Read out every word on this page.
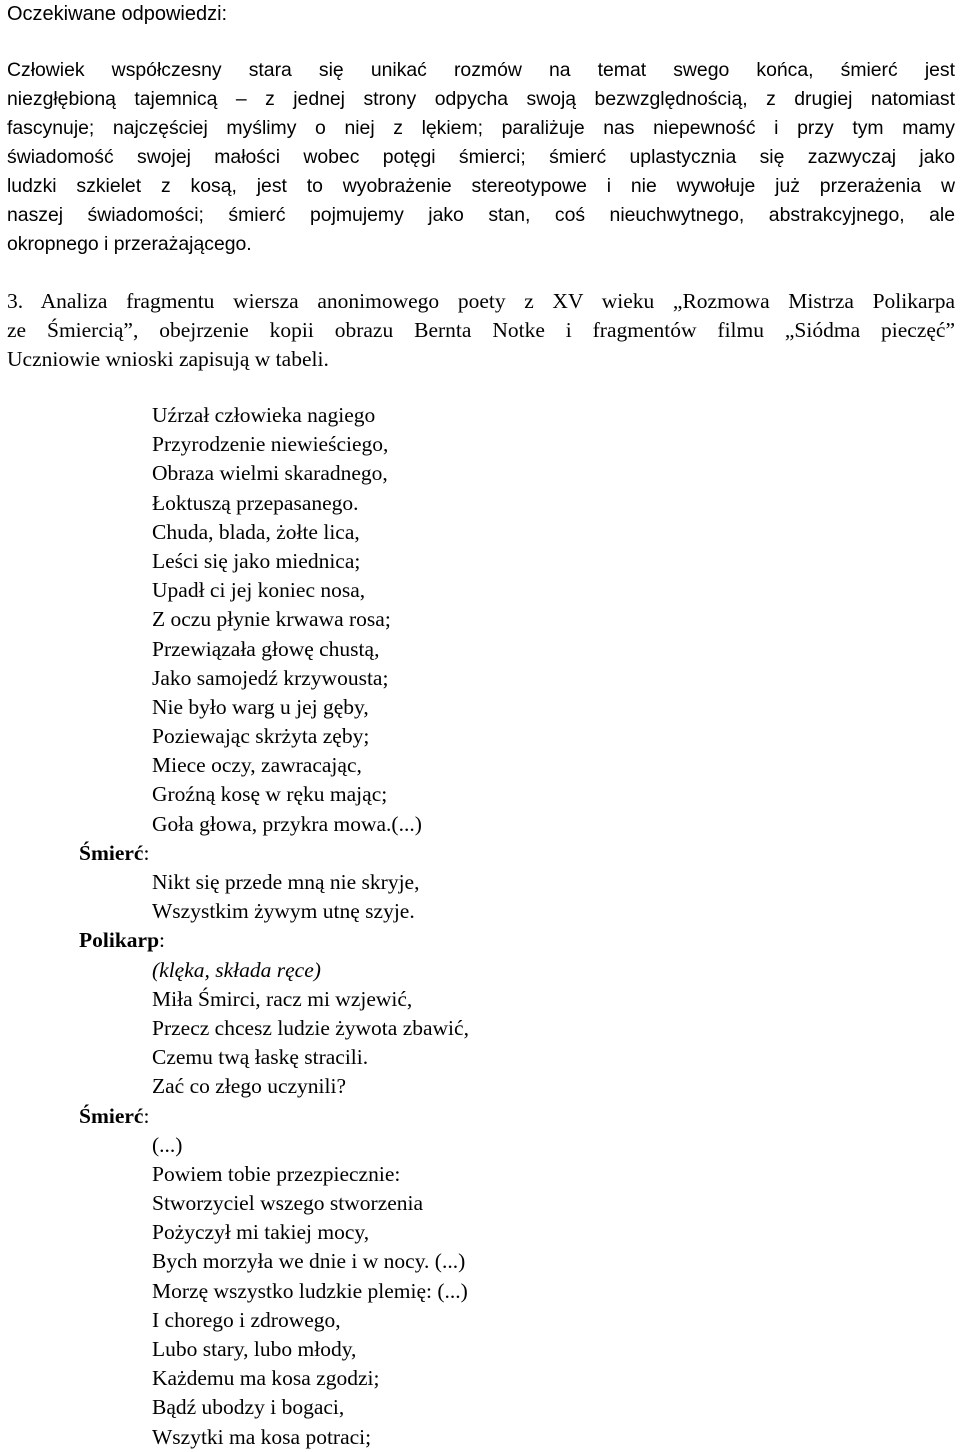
Oczekiwane odpowiedzi:
Człowiek współczesny stara się unikać rozmów na temat swego końca, śmierć jest
niezgłębioną tajemnicą – z jednej strony odpycha swoją bezwzględnością, z drugiej natomiast
fascynuje; najczęściej myślimy o niej z lękiem; paraliżuje nas niepewność i przy tym mamy
świadomość swojej małości wobec potęgi śmierci; śmierć uplastycznia się zazwyczaj jako
ludzki szkielet z kosą, jest to wyobrażenie stereotypowe i nie wywołuje już przerażenia w
naszej świadomości; śmierć pojmujemy jako stan, coś nieuchwytnego, abstrakcyjnego, ale
okropnego i przerażającego.
3. Analiza fragmentu wiersza anonimowego poety z XV wieku „Rozmowa Mistrza Polikarpa
ze Śmiercią”, obejrzenie kopii obrazu Bernta Notke i fragmentów filmu „Siódma pieczęć”
Uczniowie wnioski zapisują w tabeli.
Uźrzał człowieka nagiego
Przyrodzenie niewieściego,
Obraza wielmi skaradnego,
Łoktuszą przepasanego.
Chuda, blada, żołte lica,
Leści się jako miednica;
Upadł ci jej koniec nosa,
Z oczu płynie krwawa rosa;
Przewiązała głowę chustą,
Jako samojedź krzywousta;
Nie było warg u jej gęby,
Poziewając skrżyta zęby;
Miece oczy, zawracając,
Groźną kosę w ręku mając;
Goła głowa, przykra mowa.(...)
Śmierć:
Nikt się przede mną nie skryje,
Wszystkim żywym utnę szyje.
Polikarp:
(klęka, składa ręce)
Miła Śmirci, racz mi wzjewić,
Przecz chcesz ludzie żywota zbawić,
Czemu twą łaskę stracili.
Zać co złego uczynili?
Śmierć:
(...)
Powiem tobie przezpiecznie:
Stworzyciel wszego stworzenia
Pożyczył mi takiej mocy,
Bych morzyła we dnie i w nocy. (...)
Morzę wszystko ludzkie plemię: (...)
I chorego i zdrowego,
Lubo stary, lubo młody,
Każdemu ma kosa zgodzi;
Bądź ubodzy i bogaci,
Wszytki ma kosa potraci;
